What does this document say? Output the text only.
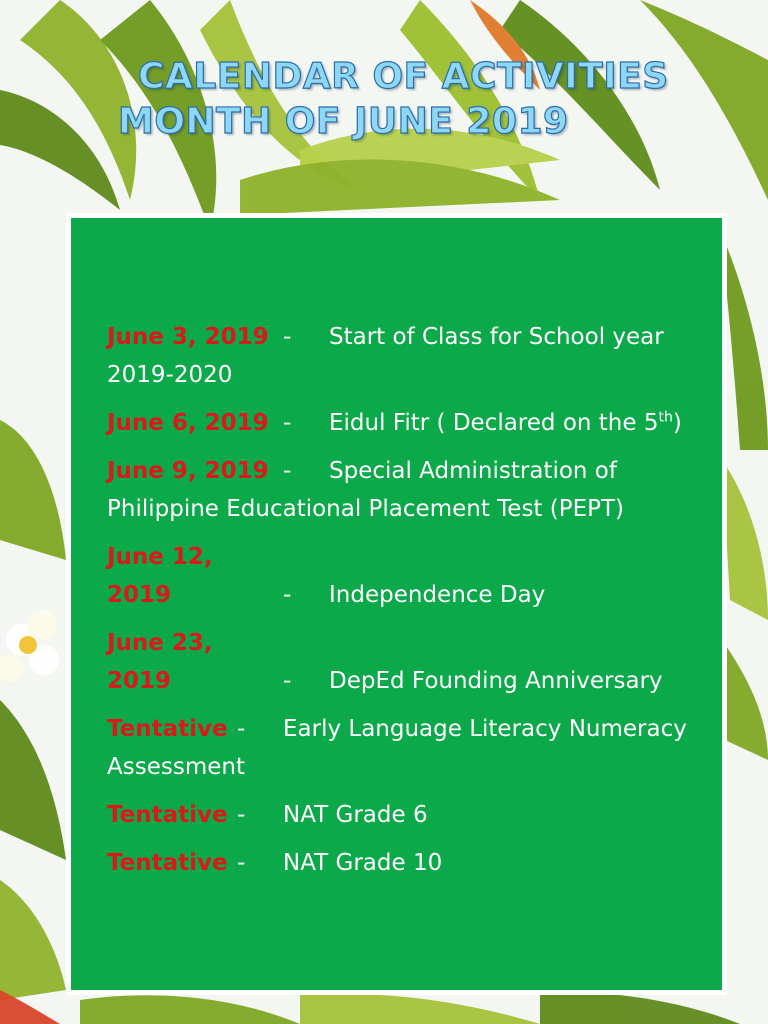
CALENDAR OF ACTIVITIES
MONTH OF JUNE 2019
June 3, 2019 - Start of Class for School year 2019-2020
June 6, 2019 - Eidul Fitr ( Declared on the 5th)
June 9, 2019 - Special Administration of Philippine Educational Placement Test (PEPT)
June 12, 2019	- Independence Day
June 23, 2019	- DepEd Founding Anniversary
Tentative - Early Language Literacy Numeracy Assessment
Tentative - NAT Grade 6
Tentative - NAT Grade 10
